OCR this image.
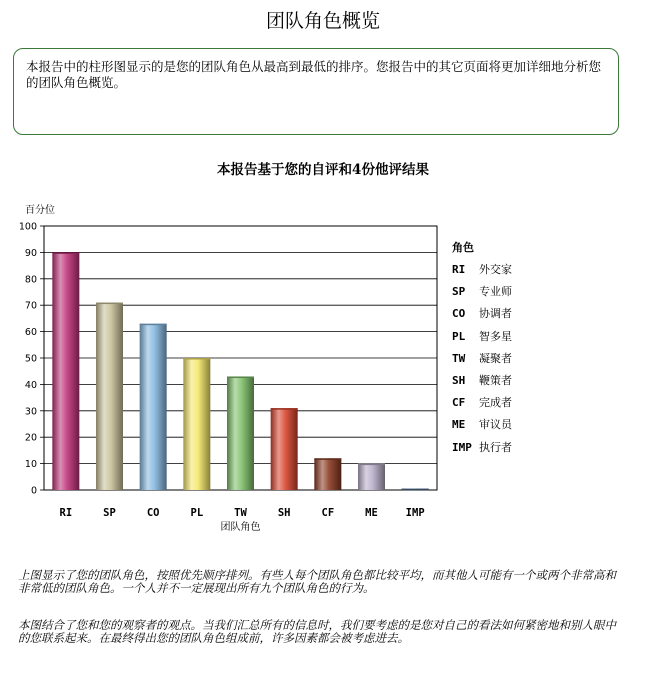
团队角色概览
本报告中的柱形图显示的是您的团队角色从最高到最低的排序。您报告中的其它页面将更加详细地分析您的团队角色概览。
本报告基于您的自评和4份他评结果
百分位
0
10
20
30
40
50
60
70
80
90
100
RI	SP	CO	PL	TW	SH	CF	ME	IMP
团队角色
角色
RI	外交家
SP	专业师
CO	协调者
PL	智多星
TW	凝聚者
SH	鞭策者
CF	完成者
ME	审议员
IMP 执行者
上图显示了您的团队角色，按照优先顺序排列。有些人每个团队角色都比较平均，而其他人可能有一个或两个非常高和非常低的团队角色。一个人并不一定展现出所有九个团队角色的行为。
本图结合了您和您的观察者的观点。当我们汇总所有的信息时，我们要考虑的是您对自己的看法如何紧密地和别人眼中的您联系起来。在最终得出您的团队角色组成前，许多因素都会被考虑进去。
